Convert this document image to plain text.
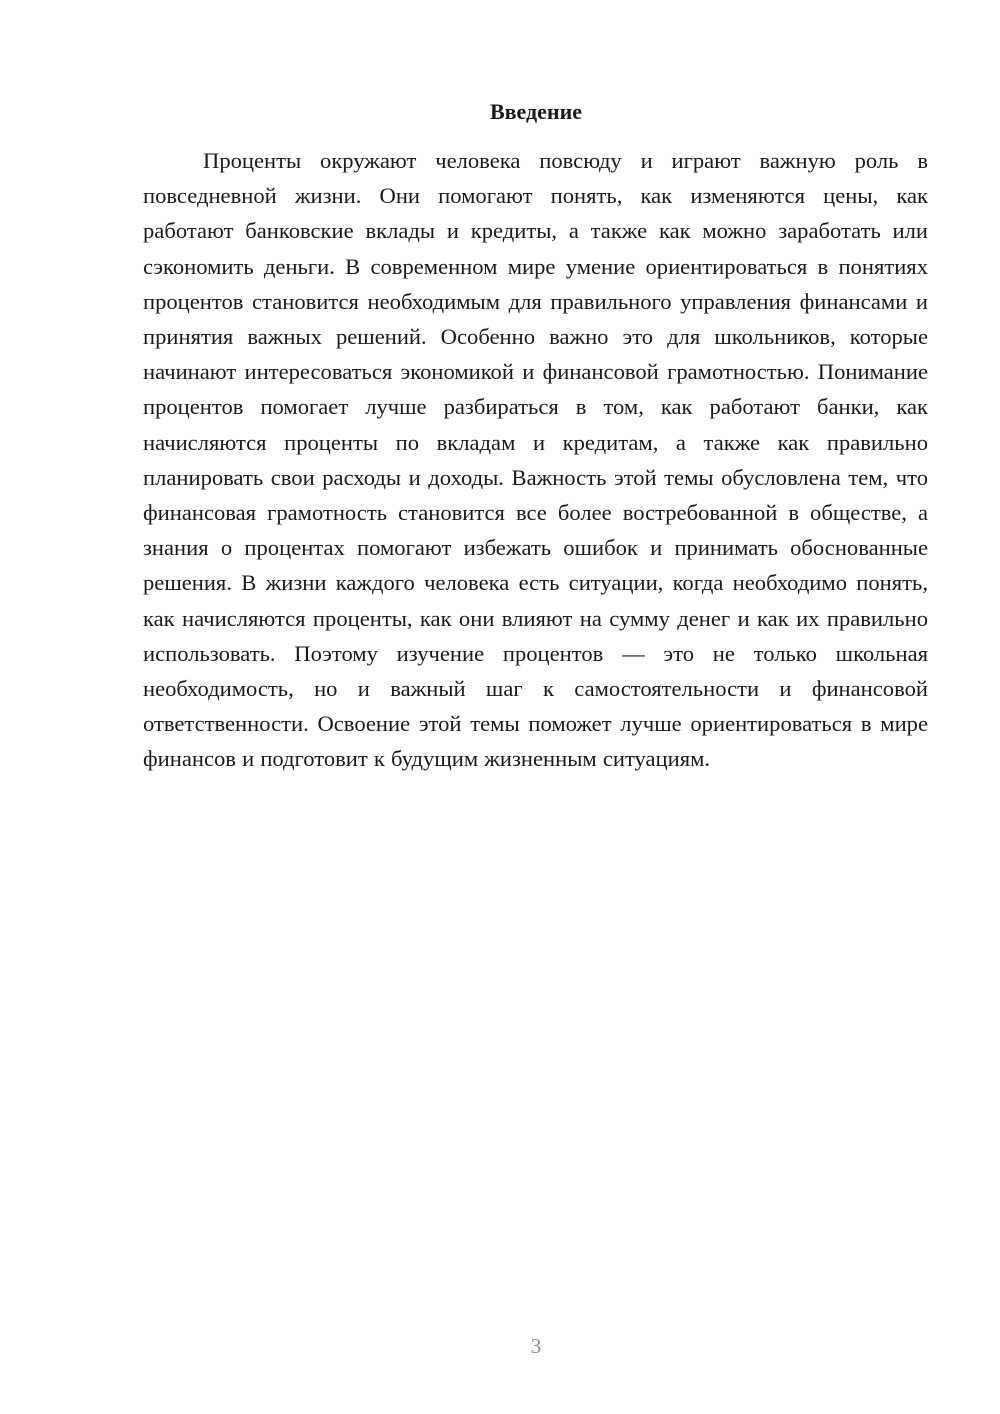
Введение

Проценты окружают человека повсюду и играют важную роль в повседневной жизни. Они помогают понять, как изменяются цены, как работают банковские вклады и кредиты, а также как можно заработать или сэкономить деньги. В современном мире умение ориентироваться в понятиях процентов становится необходимым для правильного управления финансами и принятия важных решений. Особенно важно это для школьников, которые начинают интересоваться экономикой и финансовой грамотностью. Понимание процентов помогает лучше разбираться в том, как работают банки, как начисляются проценты по вкладам и кредитам, а также как правильно планировать свои расходы и доходы. Важность этой темы обусловлена тем, что финансовая грамотность становится все более востребованной в обществе, а знания о процентах помогают избежать ошибок и принимать обоснованные решения. В жизни каждого человека есть ситуации, когда необходимо понять, как начисляются проценты, как они влияют на сумму денег и как их правильно использовать. Поэтому изучение процентов — это не только школьная необходимость, но и важный шаг к самостоятельности и финансовой ответственности. Освоение этой темы поможет лучше ориентироваться в мире финансов и подготовит к будущим жизненным ситуациям.

3
